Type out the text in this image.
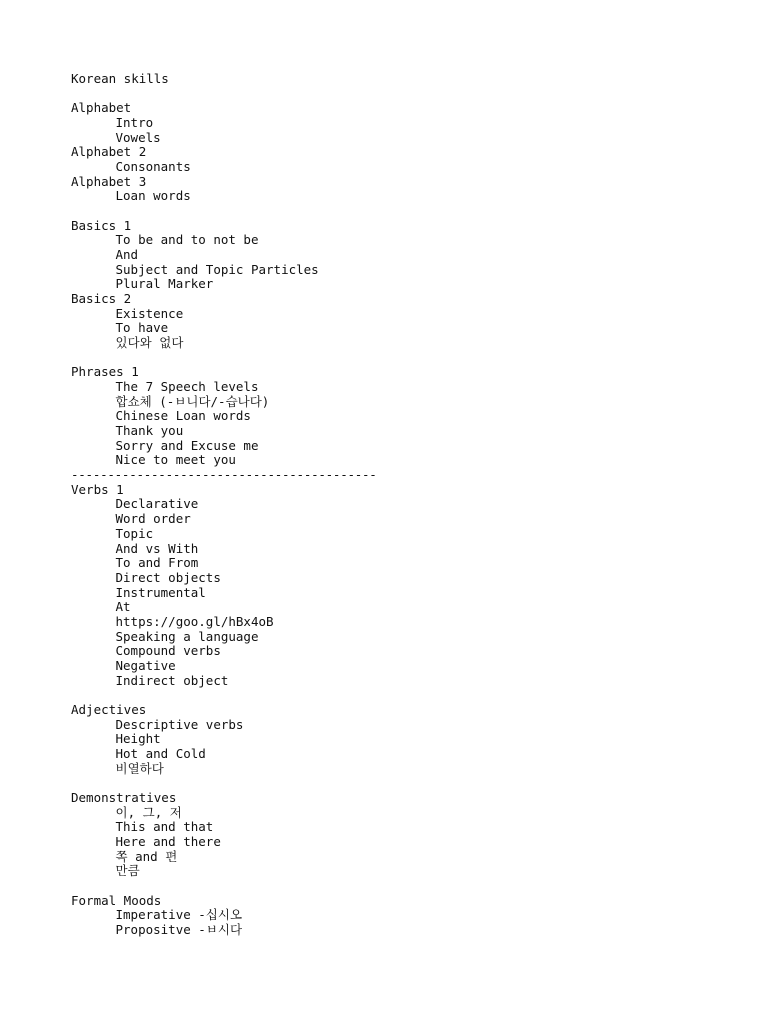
Korean skills
Alphabet
Intro
Vowels
Alphabet 2
Consonants
Alphabet 3
Loan words
Basics 1
To be and to not be
And
Subject and Topic Particles
Plural Marker
Basics 2
Existence
To have
있다와 없다
Phrases 1
The 7 Speech levels
합쇼체 (-ㅂ니다/-습나다)
Chinese Loan words
Thank you
Sorry and Excuse me
Nice to meet you
------------------------------------------
Verbs 1
Declarative
Word order
Topic
And vs With
To and From
Direct objects
Instrumental
At
https://goo.gl/hBx4oB
Speaking a language
Compound verbs
Negative
Indirect object
Adjectives
Descriptive verbs
Height
Hot and Cold
비열하다
Demonstratives
이, 그, 저
This and that
Here and there
쪽 and 편
만큼
Formal Moods
Imperative -십시오
Propositve -ㅂ시다
